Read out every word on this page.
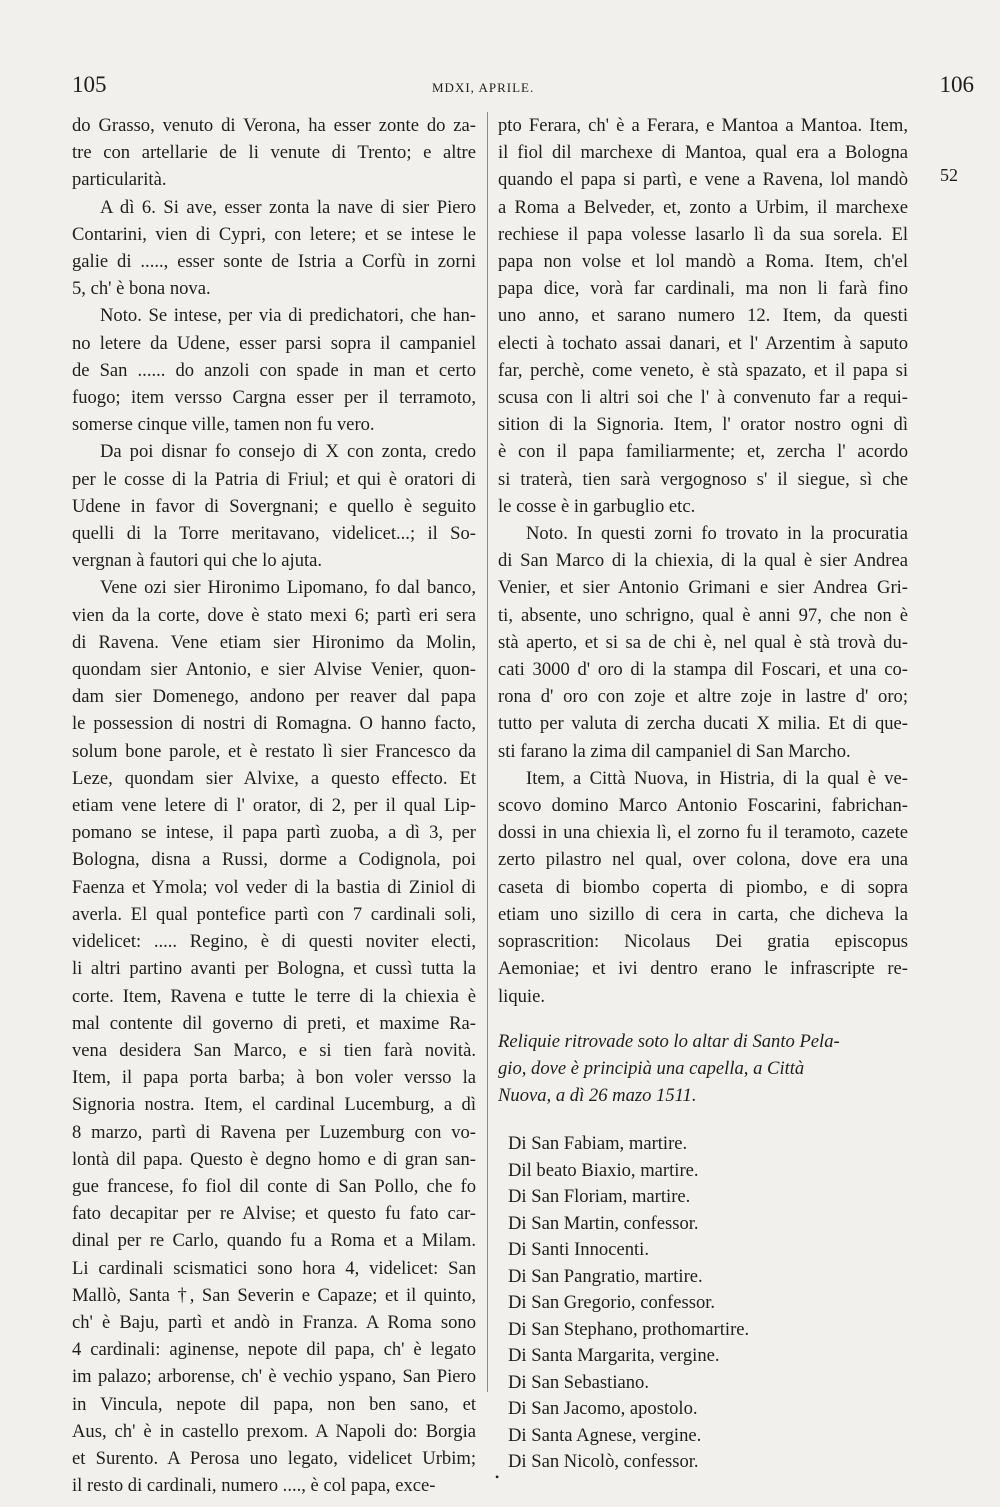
105	MDXI, APRILE.	106
52

do Grasso, venuto di Verona, ha esser zonte do za-
tre con artellarie de li venute di Trento; e altre
particularità.

A dì 6. Si ave, esser zonta la nave di sier Piero
Contarini, vien di Cypri, con letere; et se intese le
galie di ....., esser sonte de Istria a Corfù in zorni
5, ch' è bona nova.

Noto. Se intese, per via di predichatori, che han-
no letere da Udene, esser parsi sopra il campaniel
de San ...... do anzoli con spade in man et certo
fuogo; item versso Cargna esser per il terramoto,
somerse cinque ville, tamen non fu vero.

Da poi disnar fo consejo di X con zonta, credo
per le cosse di la Patria di Friul; et qui è oratori di
Udene in favor di Sovergnani; e quello è seguito
quelli di la Torre meritavano, videlicet...; il So-
vergnan à fautori qui che lo ajuta.

Vene ozi sier Hironimo Lipomano, fo dal banco,
vien da la corte, dove è stato mexi 6; partì eri sera
di Ravena. Vene etiam sier Hironimo da Molin,
quondam sier Antonio, e sier Alvise Venier, quon-
dam sier Domenego, andono per reaver dal papa
le possession di nostri di Romagna. O hanno facto,
solum bone parole, et è restato lì sier Francesco da
Leze, quondam sier Alvixe, a questo effecto. Et
etiam vene letere di l' orator, di 2, per il qual Lip-
pomano se intese, il papa partì zuoba, a dì 3, per
Bologna, disna a Russi, dorme a Codignola, poi
Faenza et Ymola; vol veder di la bastia di Ziniol di
averla. El qual pontefice partì con 7 cardinali soli,
videlicet: ..... Regino, è di questi noviter electi,
li altri partino avanti per Bologna, et cussì tutta la
corte. Item, Ravena e tutte le terre di la chiexia è
mal contente dil governo di preti, et maxime Ra-
vena desidera San Marco, e si tien farà novità.
Item, il papa porta barba; à bon voler versso la
Signoria nostra. Item, el cardinal Lucemburg, a dì
8 marzo, partì di Ravena per Luzemburg con vo-
lontà dil papa. Questo è degno homo e di gran san-
gue francese, fo fiol dil conte di San Pollo, che fo
fato decapitar per re Alvise; et questo fu fato car-
dinal per re Carlo, quando fu a Roma et a Milam.
Li cardinali scismatici sono hora 4, videlicet: San
Mallò, Santa †, San Severin e Capaze; et il quinto,
ch' è Baju, partì et andò in Franza. A Roma sono
4 cardinali: aginense, nepote dil papa, ch' è legato
im palazo; arborense, ch' è vechio yspano, San Piero
in Vincula, nepote dil papa, non ben sano, et
Aus, ch' è in castello prexom. A Napoli do: Borgia
et Surento. A Perosa uno legato, videlicet Urbim;
il resto di cardinali, numero ...., è col papa, exce-

pto Ferara, ch' è a Ferara, e Mantoa a Mantoa. Item,
il fiol dil marchexe di Mantoa, qual era a Bologna
quando el papa si partì, e vene a Ravena, lol mandò
a Roma a Belveder, et, zonto a Urbim, il marchexe
rechiese il papa volesse lasarlo lì da sua sorela. El
papa non volse et lol mandò a Roma. Item, ch'el
papa dice, vorà far cardinali, ma non li farà fino
uno anno, et sarano numero 12. Item, da questi
electi à tochato assai danari, et l' Arzentim à saputo
far, perchè, come veneto, è stà spazato, et il papa si
scusa con li altri soi che l' à convenuto far a requi-
sition di la Signoria. Item, l' orator nostro ogni dì
è con il papa familiarmente; et, zercha l' acordo
si traterà, tien sarà vergognoso s' il siegue, sì che
le cosse è in garbuglio etc.

Noto. In questi zorni fo trovato in la procuratia
di San Marco di la chiexia, di la qual è sier Andrea
Venier, et sier Antonio Grimani e sier Andrea Gri-
ti, absente, uno schrigno, qual è anni 97, che non è
stà aperto, et si sa de chi è, nel qual è stà trovà du-
cati 3000 d' oro di la stampa dil Foscari, et una co-
rona d' oro con zoje et altre zoje in lastre d' oro;
tutto per valuta di zercha ducati X milia. Et di que-
sti farano la zima dil campaniel di San Marcho.

Item, a Città Nuova, in Histria, di la qual è ve-
scovo domino Marco Antonio Foscarini, fabrichan-
dossi in una chiexia lì, el zorno fu il teramoto, cazete
zerto pilastro nel qual, over colona, dove era una
caseta di biombo coperta di piombo, e di sopra
etiam uno sizillo di cera in carta, che dicheva la
soprascrition: Nicolaus Dei gratia episcopus
Aemoniae; et ivi dentro erano le infrascripte re-
liquie.

Reliquie ritrovade soto lo altar di Santo Pela-
gio, dove è principià una capella, a Città
Nuova, a dì 26 mazo 1511.
Di San Fabiam, martire.
Dil beato Biaxio, martire.
Di San Floriam, martire.
Di San Martin, confessor.
Di Santi Innocenti.
Di San Pangratio, martire.
Di San Gregorio, confessor.
Di San Stephano, prothomartire.
Di Santa Margarita, vergine.
Di San Sebastiano.
Di San Jacomo, apostolo.
Di Santa Agnese, vergine.
Di San Nicolò, confessor.
•
